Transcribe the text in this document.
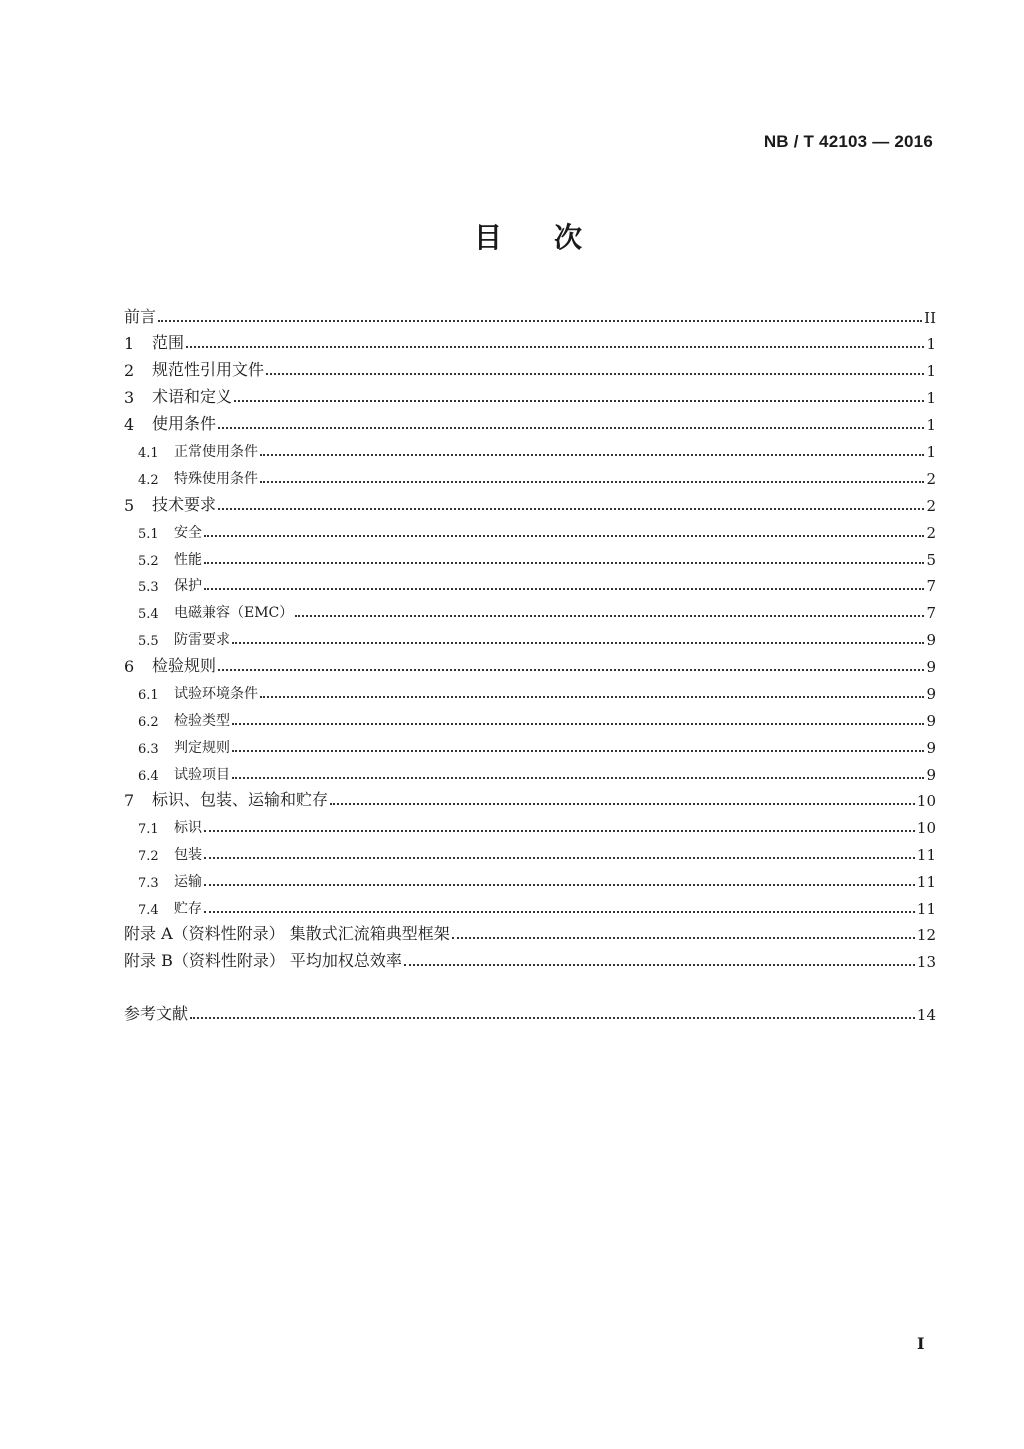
NB / T 42103 — 2016
目 次
前言	II
1	范围	1
2	规范性引用文件	1
3	术语和定义	1
4	使用条件	1
4.1	正常使用条件	1
4.2	特殊使用条件	2
5	技术要求	2
5.1	安全	2
5.2	性能	5
5.3	保护	7
5.4	电磁兼容（EMC）	7
5.5	防雷要求	9
6	检验规则	9
6.1	试验环境条件	9
6.2	检验类型	9
6.3	判定规则	9
6.4	试验项目	9
7	标识、包装、运输和贮存	10
7.1	标识	10
7.2	包装	11
7.3	运输	11
7.4	贮存	11
附录 A（资料性附录） 集散式汇流箱典型框架	12
附录 B（资料性附录） 平均加权总效率	13
参考文献	14
I
